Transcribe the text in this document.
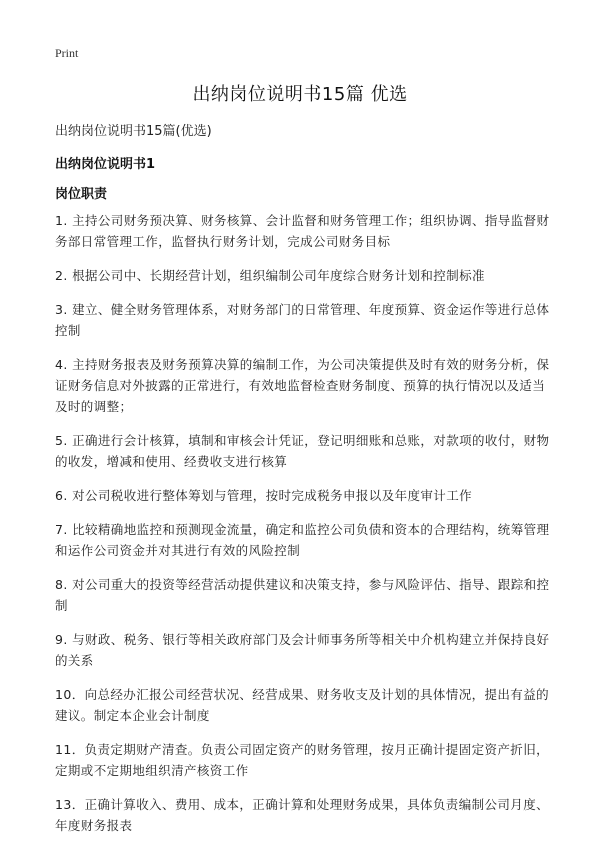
Print
出纳岗位说明书15篇 优选
出纳岗位说明书15篇(优选)
出纳岗位说明书1
岗位职责
1. 主持公司财务预决算、财务核算、会计监督和财务管理工作；组织协调、指导监督财务部日常管理工作，监督执行财务计划，完成公司财务目标
2. 根据公司中、长期经营计划，组织编制公司年度综合财务计划和控制标准
3. 建立、健全财务管理体系，对财务部门的日常管理、年度预算、资金运作等进行总体控制
4. 主持财务报表及财务预算决算的编制工作，为公司决策提供及时有效的财务分析，保证财务信息对外披露的正常进行，有效地监督检查财务制度、预算的执行情况以及适当及时的调整；
5. 正确进行会计核算，填制和审核会计凭证，登记明细账和总账，对款项的收付，财物的收发，增减和使用、经费收支进行核算
6. 对公司税收进行整体筹划与管理，按时完成税务申报以及年度审计工作
7. 比较精确地监控和预测现金流量，确定和监控公司负债和资本的合理结构，统筹管理和运作公司资金并对其进行有效的风险控制
8. 对公司重大的投资等经营活动提供建议和决策支持，参与风险评估、指导、跟踪和控制
9. 与财政、税务、银行等相关政府部门及会计师事务所等相关中介机构建立并保持良好的关系
10．向总经办汇报公司经营状况、经营成果、财务收支及计划的具体情况，提出有益的建议。制定本企业会计制度
11．负责定期财产清查。负责公司固定资产的财务管理，按月正确计提固定资产折旧，定期或不定期地组织清产核资工作
13．正确计算收入、费用、成本，正确计算和处理财务成果，具体负责编制公司月度、年度财务报表
